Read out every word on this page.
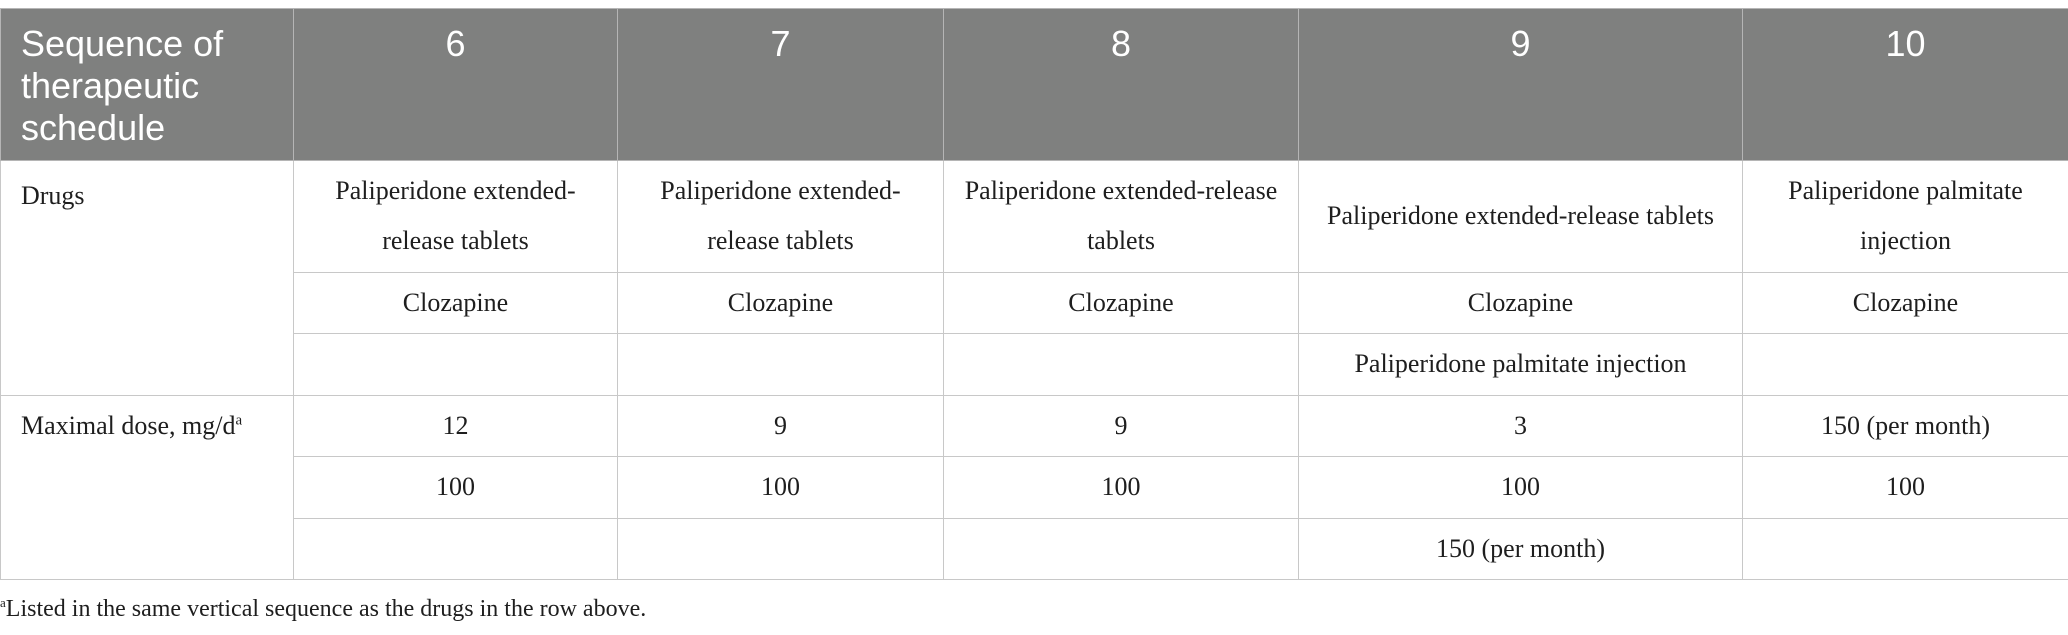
Sequence of therapeutic schedule	6	7	8	9	10
Drugs	Paliperidone extended-release tablets	Paliperidone extended-release tablets	Paliperidone extended-release tablets	Paliperidone extended-release tablets	Paliperidone palmitate injection
	Clozapine	Clozapine	Clozapine	Clozapine	Clozapine
				Paliperidone palmitate injection	
Maximal dose, $mg/d^a$	12	9	9	3	150 (per month)
	100	100	100	100	100
				150 (per month)	
$^a$Listed in the same vertical sequence as the drugs in the row above.
